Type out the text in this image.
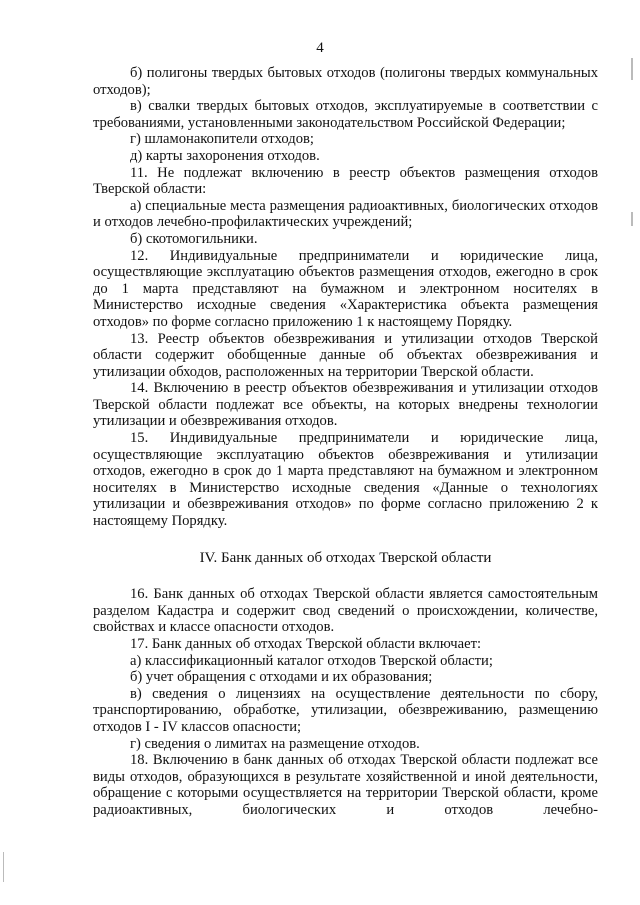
4

б) полигоны твердых бытовых отходов (полигоны твердых коммунальных отходов);

в) свалки твердых бытовых отходов, эксплуатируемые в соответствии с требованиями, установленными законодательством Российской Федерации;

г) шламонакопители отходов;

д) карты захоронения отходов.

11. Не подлежат включению в реестр объектов размещения отходов Тверской области:

а) специальные места размещения радиоактивных, биологических отходов и отходов лечебно-профилактических учреждений;

б) скотомогильники.

12. Индивидуальные предприниматели и юридические лица, осуществляющие эксплуатацию объектов размещения отходов, ежегодно в срок до 1 марта представляют на бумажном и электронном носителях в Министерство исходные сведения «Характеристика объекта размещения отходов» по форме согласно приложению 1 к настоящему Порядку.

13. Реестр объектов обезвреживания и утилизации отходов Тверской области содержит обобщенные данные об объектах обезвреживания и утилизации обходов, расположенных на территории Тверской области.

14. Включению в реестр объектов обезвреживания и утилизации отходов Тверской области подлежат все объекты, на которых внедрены технологии утилизации и обезвреживания отходов.

15. Индивидуальные предприниматели и юридические лица, осуществляющие эксплуатацию объектов обезвреживания и утилизации отходов, ежегодно в срок до 1 марта представляют на бумажном и электронном носителях в Министерство исходные сведения «Данные о технологиях утилизации и обезвреживания отходов» по форме согласно приложению 2 к настоящему Порядку.

IV. Банк данных об отходах Тверской области

16. Банк данных об отходах Тверской области является самостоятельным разделом Кадастра и содержит свод сведений о происхождении, количестве, свойствах и классе опасности отходов.

17. Банк данных об отходах Тверской области включает:

а) классификационный каталог отходов Тверской области;

б) учет обращения с отходами и их образования;

в) сведения о лицензиях на осуществление деятельности по сбору, транспортированию, обработке, утилизации, обезвреживанию, размещению отходов I - IV классов опасности;

г) сведения о лимитах на размещение отходов.

18. Включению в банк данных об отходах Тверской области подлежат все виды отходов, образующихся в результате хозяйственной и иной деятельности, обращение с которыми осуществляется на территории Тверской области, кроме радиоактивных, биологических и отходов лечебно-
